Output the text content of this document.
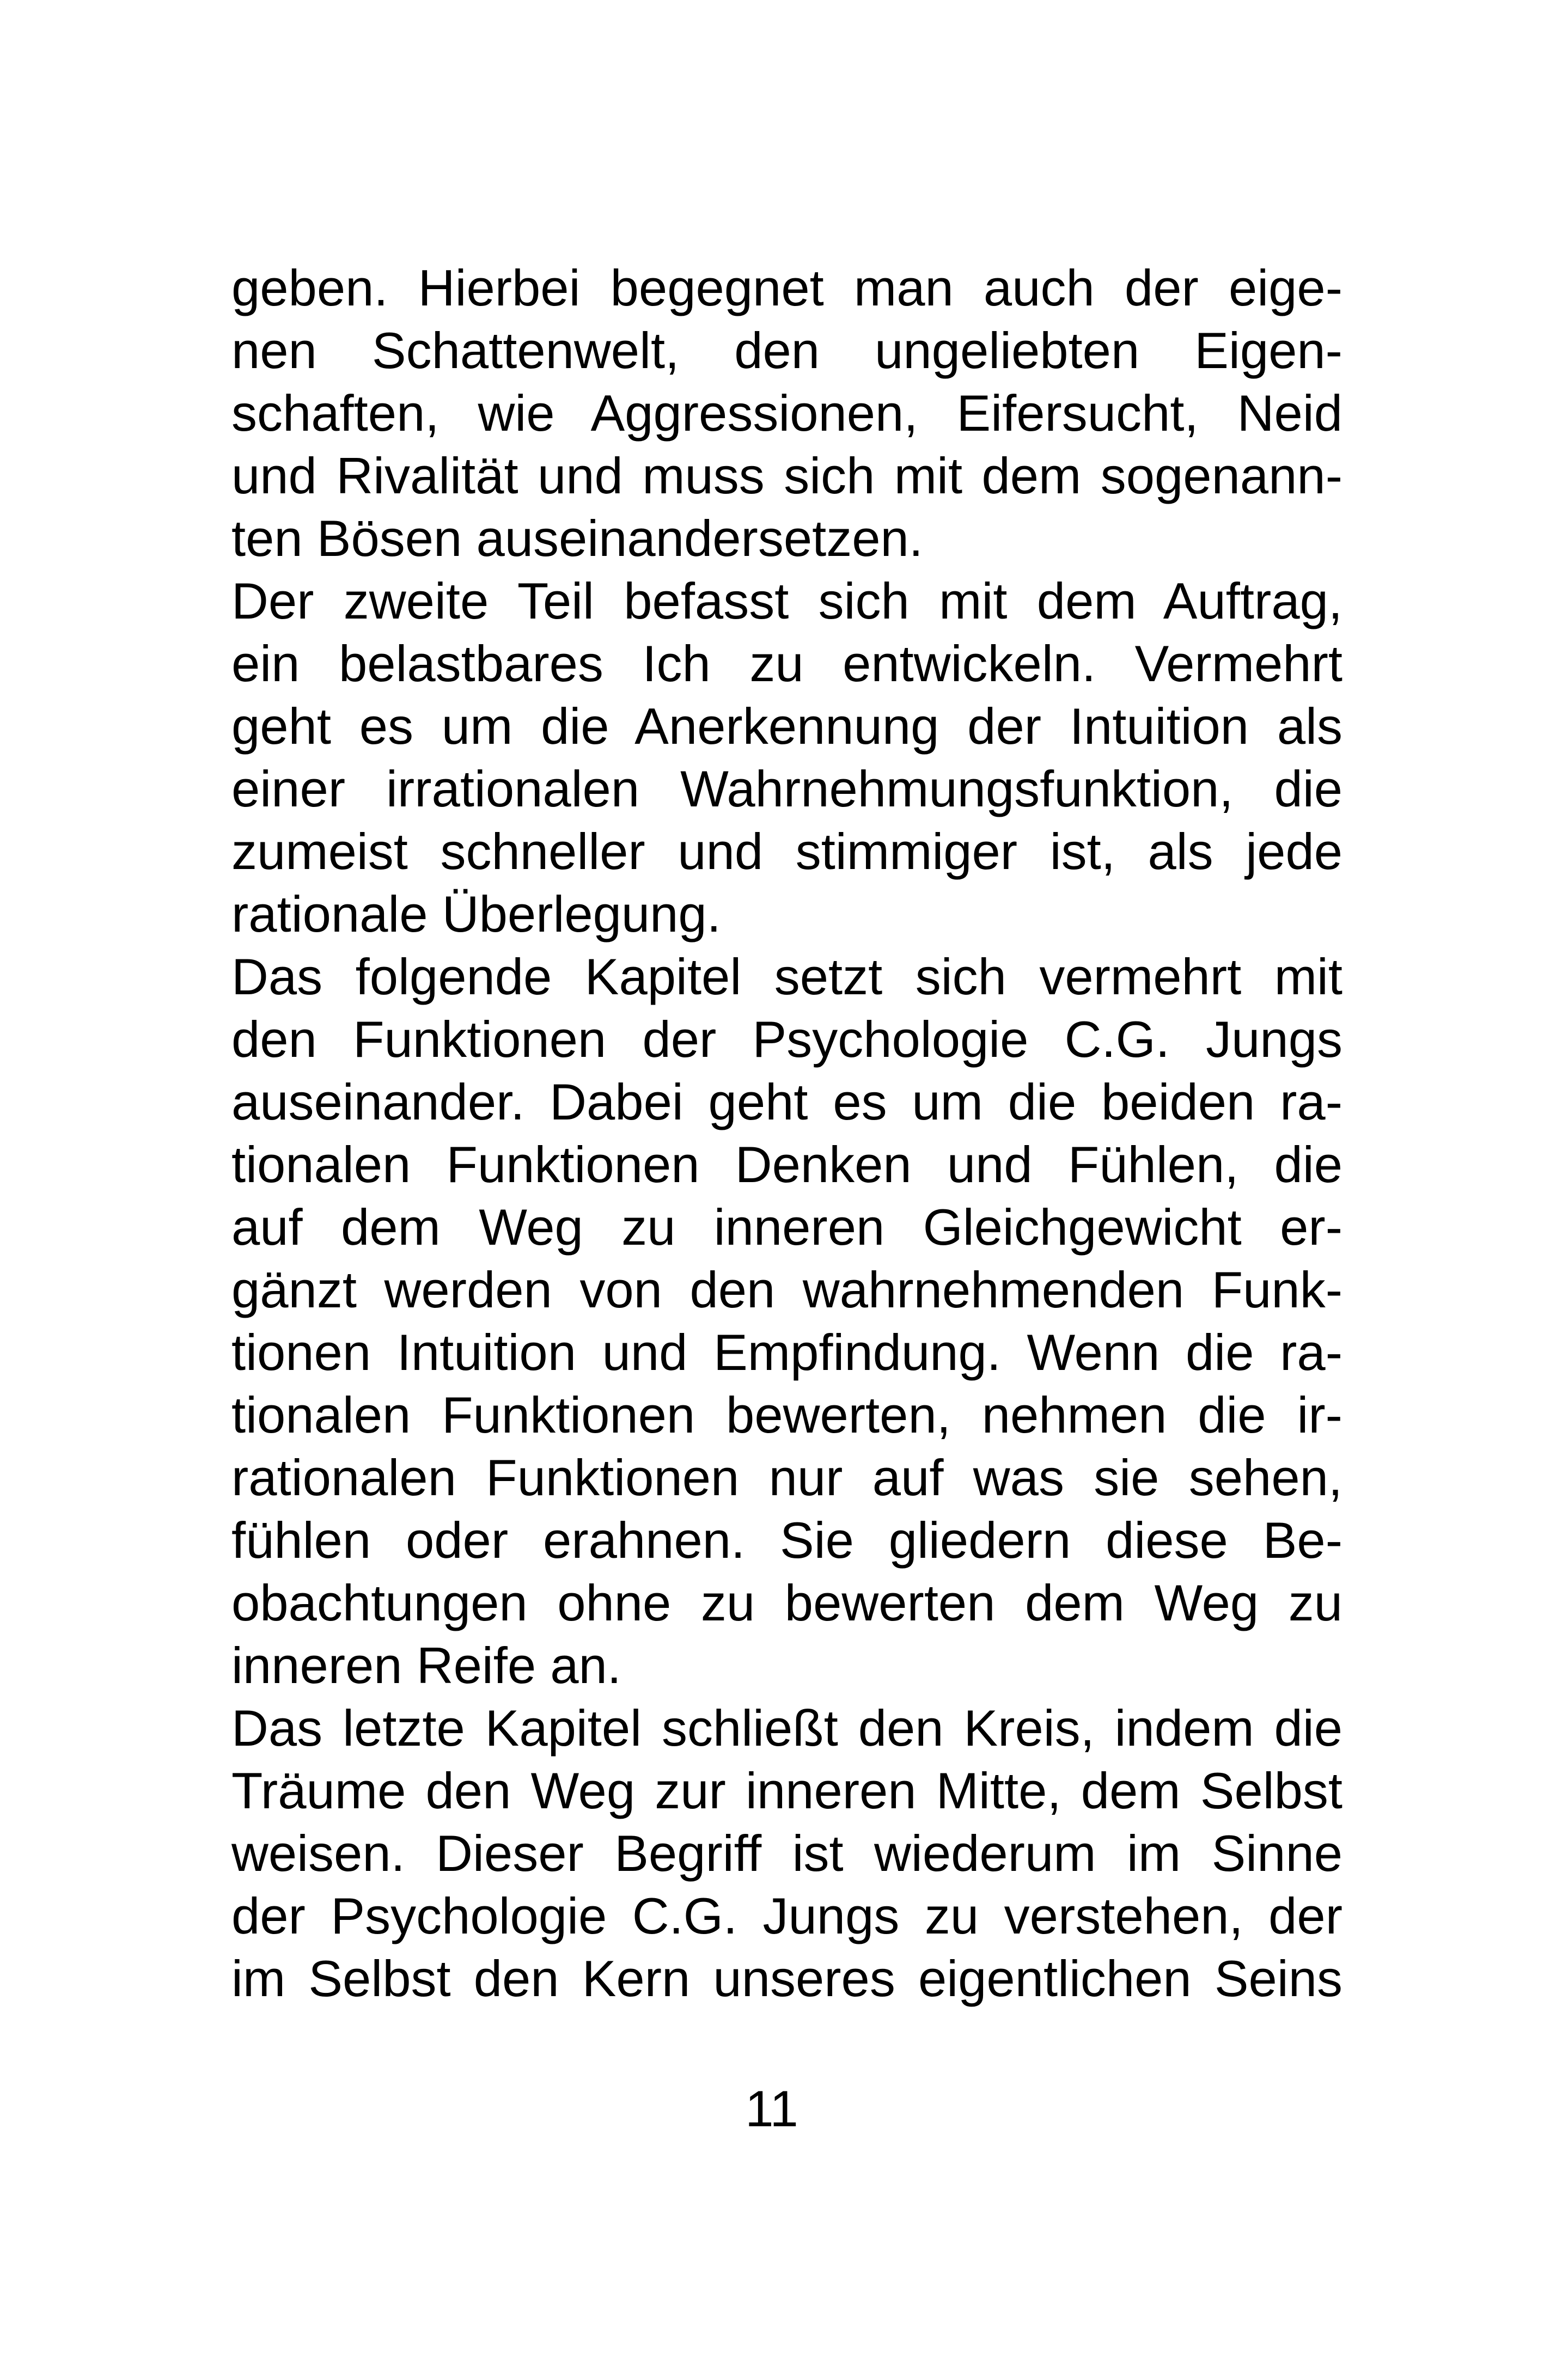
geben. Hierbei begegnet man auch der eige-
nen Schattenwelt, den ungeliebten Eigen-
schaften, wie Aggressionen, Eifersucht, Neid
und Rivalität und muss sich mit dem sogenann-
ten Bösen auseinandersetzen.
Der zweite Teil befasst sich mit dem Auftrag,
ein belastbares Ich zu entwickeln. Vermehrt
geht es um die Anerkennung der Intuition als
einer irrationalen Wahrnehmungsfunktion, die
zumeist schneller und stimmiger ist, als jede
rationale Überlegung.
Das folgende Kapitel setzt sich vermehrt mit
den Funktionen der Psychologie C.G. Jungs
auseinander. Dabei geht es um die beiden ra-
tionalen Funktionen Denken und Fühlen, die
auf dem Weg zu inneren Gleichgewicht er-
gänzt werden von den wahrnehmenden Funk-
tionen Intuition und Empfindung. Wenn die ra-
tionalen Funktionen bewerten, nehmen die ir-
rationalen Funktionen nur auf was sie sehen,
fühlen oder erahnen. Sie gliedern diese Be-
obachtungen ohne zu bewerten dem Weg zu
inneren Reife an.
Das letzte Kapitel schließt den Kreis, indem die
Träume den Weg zur inneren Mitte, dem Selbst
weisen. Dieser Begriff ist wiederum im Sinne
der Psychologie C.G. Jungs zu verstehen, der
im Selbst den Kern unseres eigentlichen Seins
11
